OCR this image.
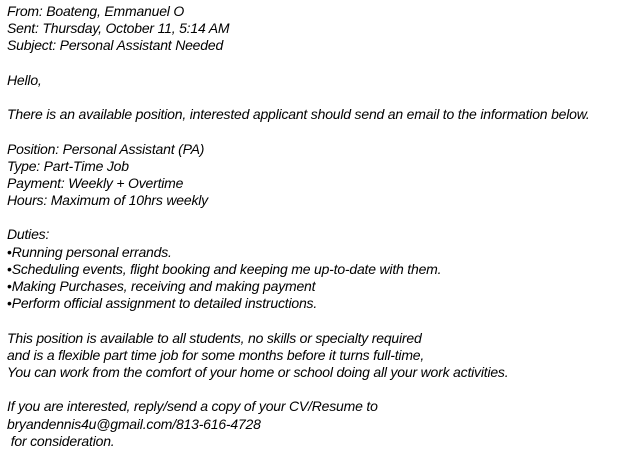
From: Boateng, Emmanuel O
Sent: Thursday, October 11, 5:14 AM
Subject: Personal Assistant Needed
Hello,
There is an available position, interested applicant should send an email to the information below.
Position: Personal Assistant (PA)
Type: Part-Time Job
Payment: Weekly + Overtime
Hours: Maximum of 10hrs weekly
Duties:
• Running personal errands.
• Scheduling events, flight booking and keeping me up-to-date with them.
• Making Purchases, receiving and making payment
• Perform official assignment to detailed instructions.
This position is available to all students, no skills or specialty required
and is a flexible part time job for some months before it turns full-time,
You can work from the comfort of your home or school doing all your work activities.
If you are interested, reply/send a copy of your CV/Resume to
bryandennis4u@gmail.com/813-616-4728
for consideration.
